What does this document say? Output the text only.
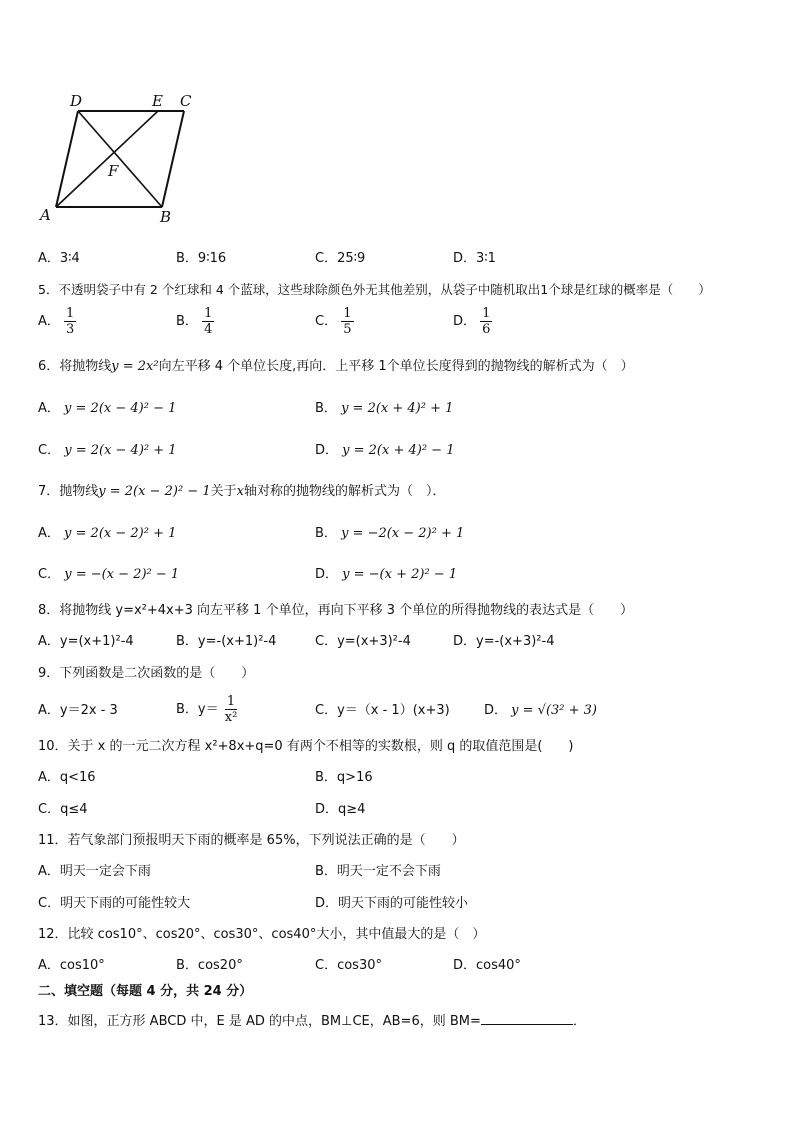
D	E C
F
A	B
A．3∶4	B．9∶16	C．25∶9	D．3∶1
5．不透明袋子中有 2 个红球和 4 个蓝球，这些球除颜色外无其他差别，从袋子中随机取出1个球是红球的概率是（　　）
A． $\frac{1}{3}$	B． $\frac{1}{4}$	C． $\frac{1}{5}$	D． $\frac{1}{6}$
6．将抛物线y = 2x²向左平移 4 个单位长度,再向．上平移 1个单位长度得到的抛物线的解析式为（　）
A． y = 2(x − 4)² − 1	B． y = 2(x + 4)² + 1
C． y = 2(x − 4)² + 1	D． y = 2(x + 4)² − 1
7．抛物线y = 2(x − 2)² − 1关于x轴对称的抛物线的解析式为（　）．
A． y = 2(x − 2)² + 1	B． y = −2(x − 2)² + 1
C． y = −(x − 2)² − 1	D． y = −(x + 2)² − 1
8．将抛物线 y=x²+4x+3 向左平移 1 个单位，再向下平移 3 个单位的所得抛物线的表达式是（　　）
A．y=(x+1)²-4	B．y=-(x+1)²-4	C．y=(x+3)²-4	D．y=-(x+3)²-4
9．下列函数是二次函数的是（　　）
A．y＝2x - 3	B．$y= \frac{1}{\text{x²}}$	C．y＝（x - 1）(x+3)	D． y = √(3² + 3)
10．关于 x 的一元二次方程 x²+8x+q=0 有两个不相等的实数根，则 q 的取值范围是(　　)
A．q<16	B．q>16
C．q≤4	D．q≥4
11．若气象部门预报明天下雨的概率是 65%，下列说法正确的是（　　）
A．明天一定会下雨	B．明天一定不会下雨
C．明天下雨的可能性较大	D．明天下雨的可能性较小
12．比较 cos10°、cos20°、cos30°、cos40°大小，其中值最大的是（　）
A．cos10°	B．cos20°	C．cos30°	D．cos40°
二、填空题（每题 4 分，共 24 分）
13．如图，正方形 ABCD 中，E 是 AD 的中点，BM⊥CE，AB=6，则 BM=	．
